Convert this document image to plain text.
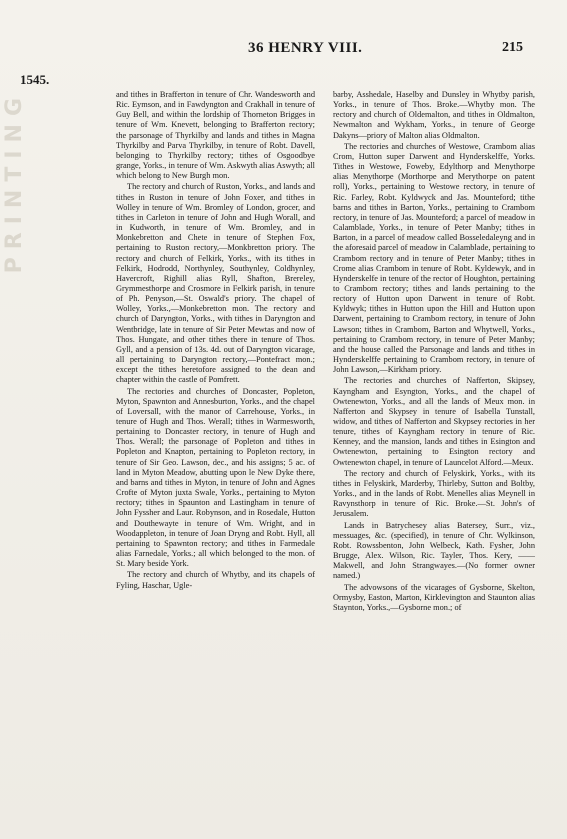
PRINTING
36 HENRY VIII.	215
1545.

and tithes in Brafferton in tenure of Chr. Wandesworth and Ric. Eymson, and in Fawdyngton and Crakhall in tenure of Guy Bell, and within the lordship of Thorneton Brigges in tenure of Wm. Knevett, belonging to Brafferton rectory; the parsonage of Thyrkilby and lands and tithes in Magna Thyrkilby and Parva Thyrkilby, in tenure of Robt. Davell, belonging to Thyrkilby rectory; tithes of Osgoodbye grange, Yorks., in tenure of Wm. Askwyth alias Aswyth; all which belong to New Burgh mon.

The rectory and church of Ruston, Yorks., and lands and tithes in Ruston in tenure of John Foxer, and tithes in Wolley in tenure of Wm. Bromley of London, grocer, and tithes in Carleton in tenure of John and Hugh Worall, and in Kudworth, in tenure of Wm. Bromley, and in Monkebretton and Chete in tenure of Stephen Fox, pertaining to Ruston rectory,—Monkbretton priory. The rectory and church of Felkirk, Yorks., with its tithes in Felkirk, Hodrodd, Northynley, Southynley, Coldhynley, Havercroft, Righill alias Ryll, Shafton, Brereley, Grymmesthorpe and Crosmore in Felkirk parish, in tenure of Ph. Penyson,—St. Oswald's priory. The chapel of Wolley, Yorks.,—Monkebretton mon. The rectory and church of Daryngton, Yorks., with tithes in Daryngton and Wentbridge, late in tenure of Sir Peter Mewtas and now of Thos. Hungate, and other tithes there in tenure of Thos. Gyll, and a pension of 13s. 4d. out of Daryngton vicarage, all pertaining to Daryngton rectory,—Pontefract mon.; except the tithes heretofore assigned to the dean and chapter within the castle of Pomfrett.

The rectories and churches of Doncaster, Popleton, Myton, Spawnton and Annesburton, Yorks., and the chapel of Loversall, with the manor of Carrehouse, Yorks., in tenure of Hugh and Thos. Werall; tithes in Warmesworth, pertaining to Doncaster rectory, in tenure of Hugh and Thos. Werall; the parsonage of Popleton and tithes in Popleton and Knapton, pertaining to Popleton rectory, in tenure of Sir Geo. Lawson, dec., and his assigns; 5 ac. of land in Myton Meadow, abutting upon le New Dyke there, and barns and tithes in Myton, in tenure of John and Agnes Crofte of Myton juxta Swale, Yorks., pertaining to Myton rectory; tithes in Spaunton and Lastingham in tenure of John Fyssher and Laur. Robynson, and in Rosedale, Hutton and Douthewayte in tenure of Wm. Wright, and in Woodappleton, in tenure of Joan Dryng and Robt. Hyll, all pertaining to Spawnton rectory; and tithes in Farmedale alias Farnedale, Yorks.; all which belonged to the mon. of St. Mary beside York.

The rectory and church of Whytby, and its chapels of Fyling, Haschar, Ugle-

barby, Asshedale, Haselby and Dunsley in Whytby parish, Yorks., in tenure of Thos. Broke.—Whytby mon. The rectory and church of Oldemalton, and tithes in Oldmalton, Newmalton and Wykham, Yorks., in tenure of George Dakyns—priory of Malton alias Oldmalton.

The rectories and churches of Westowe, Crambom alias Crom, Hutton super Darwent and Hynderskelffe, Yorks. Tithes in Westowe, Foweby, Edylthorp and Menythorpe alias Menythorpe (Morthorpe and Merythorpe on patent roll), Yorks., pertaining to Westowe rectory, in tenure of Ric. Farley, Robt. Kyldwyck and Jas. Mounteford; tithe barns and tithes in Barton, Yorks., pertaining to Crambom rectory, in tenure of Jas. Mounteford; a parcel of meadow in Calamblade, Yorks., in tenure of Peter Manby; tithes in Barton, in a parcel of meadow called Bosseledaleyng and in the aforesaid parcel of meadow in Calamblade, pertaining to Crambom rectory and in tenure of Peter Manby; tithes in Crome alias Crambom in tenure of Robt. Kyldewyk, and in Hynderskelfe in tenure of the rector of Houghton, pertaining to Crambom rectory; tithes and lands pertaining to the rectory of Hutton upon Darwent in tenure of Robt. Kyldwyk; tithes in Hutton upon the Hill and Hutton upon Darwent, pertaining to Crambom rectory, in tenure of John Lawson; tithes in Crambom, Barton and Whytwell, Yorks., pertaining to Crambom rectory, in tenure of Peter Manby; and the house called the Parsonage and lands and tithes in Hynderskelffe pertaining to Crambom rectory, in tenure of John Lawson,—Kirkham priory.

The rectories and churches of Nafferton, Skipsey, Kayngham and Esyngton, Yorks., and the chapel of Owtenewton, Yorks., and all the lands of Meux mon. in Nafferton and Skypsey in tenure of Isabella Tunstall, widow, and tithes of Nafferton and Skypsey rectories in her tenure, tithes of Kayngham rectory in tenure of Ric. Kenney, and the mansion, lands and tithes in Esington and Owtenewton, pertaining to Esington rectory and Owtenewton chapel, in tenure of Launcelot Alford.—Meux.

The rectory and church of Felyskirk, Yorks., with its tithes in Felyskirk, Marderby, Thirleby, Sutton and Boltby, Yorks., and in the lands of Robt. Menelles alias Meynell in Ravynsthorp in tenure of Ric. Broke.—St. John's of Jerusalem.

Lands in Batrychesey alias Batersey, Surr., viz., messuages, &c. (specified), in tenure of Chr. Wylkinson, Robt. Rowssbenton, John Welbeck, Kath. Fysher, John Brugge, Alex. Wilson, Ric. Tayler, Thos. Kery, —— Makwell, and John Strangwayes.—(No former owner named.)

The advowsons of the vicarages of Gysborne, Skelton, Ormysby, Easton, Marton, Kirklevington and Staunton alias Staynton, Yorks.,—Gysborne mon.; of
